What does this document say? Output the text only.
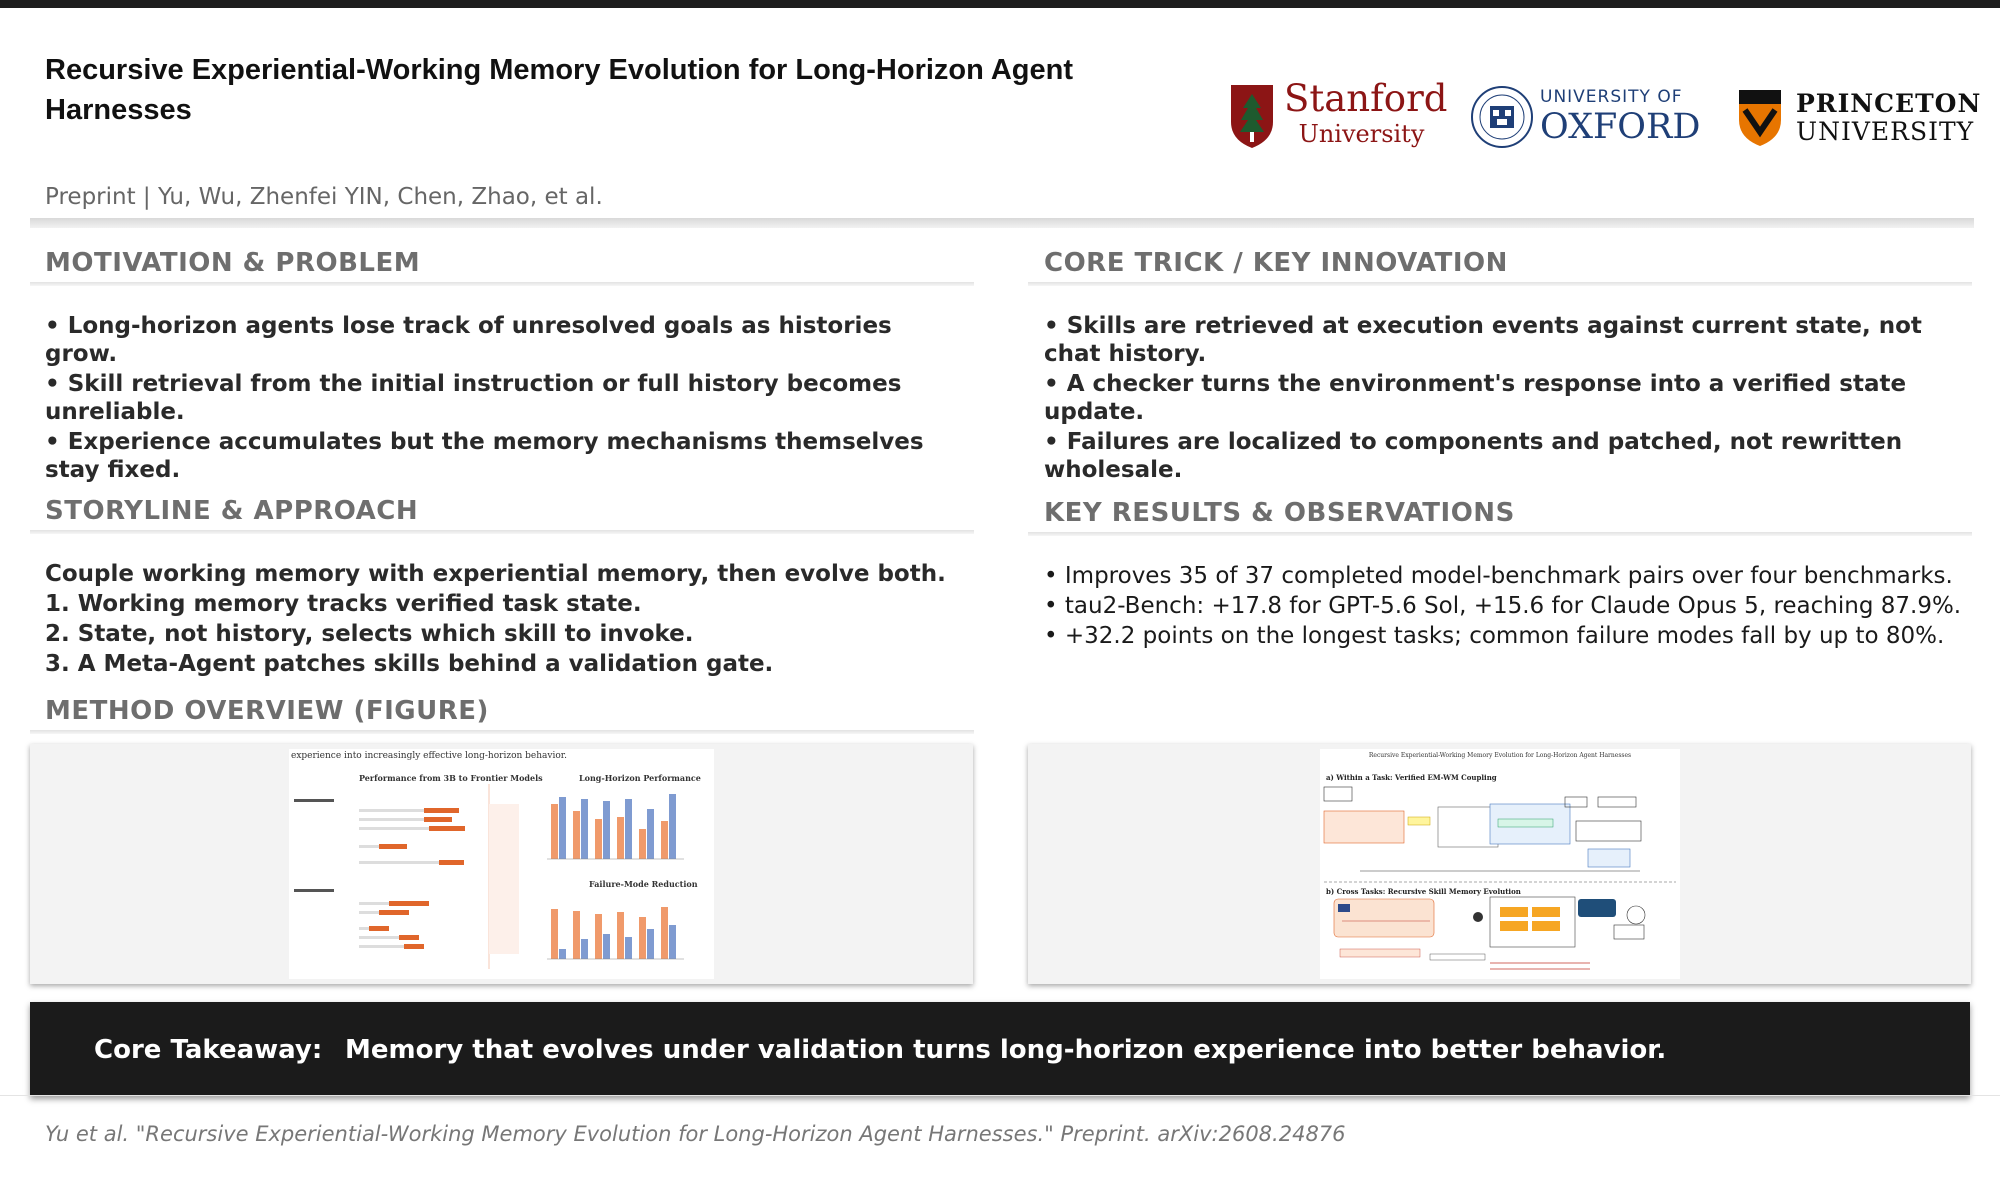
Recursive Experiential-Working Memory Evolution for Long-Horizon Agent Harnesses	Stanford
University
UNIVERSITY OF
OXFORD
PRINCETON
UNIVERSITY
Preprint | Yu, Wu, Zhenfei YIN, Chen, Zhao, et al.
MOTIVATION & PROBLEM
• Long-horizon agents lose track of unresolved goals as histories grow.
• Skill retrieval from the initial instruction or full history becomes unreliable.
• Experience accumulates but the memory mechanisms themselves stay fixed.
STORYLINE & APPROACH
Couple working memory with experiential memory, then evolve both.
1. Working memory tracks verified task state.
2. State, not history, selects which skill to invoke.
3. A Meta-Agent patches skills behind a validation gate.
METHOD OVERVIEW (FIGURE)
experience into increasingly effective long-horizon behavior.
Performance from 3B to Frontier Models	Long-Horizon Performance
Failure-Mode Reduction
CORE TRICK / KEY INNOVATION
• Skills are retrieved at execution events against current state, not chat history.
• A checker turns the environment's response into a verified state update.
• Failures are localized to components and patched, not rewritten wholesale.
KEY RESULTS & OBSERVATIONS
• Improves 35 of 37 completed model-benchmark pairs over four benchmarks.
• tau2-Bench: +17.8 for GPT-5.6 Sol, +15.6 for Claude Opus 5, reaching 87.9%.
• +32.2 points on the longest tasks; common failure modes fall by up to 80%.
Recursive Experiential-Working Memory Evolution for Long-Horizon Agent Harnesses
a) Within a Task: Verified EM-WM Coupling
b) Cross Tasks: Recursive Skill Memory Evolution
Core Takeaway: Memory that evolves under validation turns long-horizon experience into better behavior.
Yu et al. "Recursive Experiential-Working Memory Evolution for Long-Horizon Agent Harnesses." Preprint. arXiv:2608.24876
